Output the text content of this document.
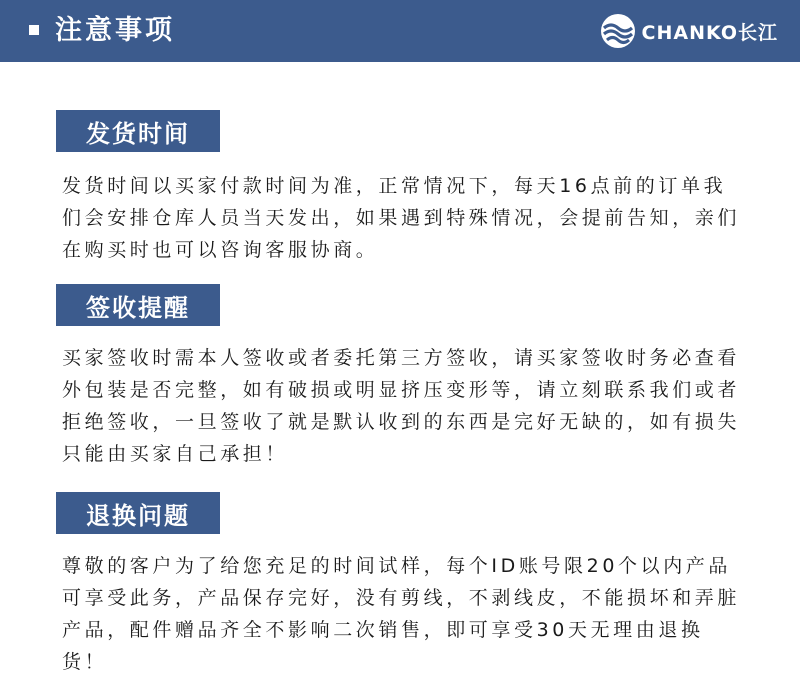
注意事项	CHANKO长江
发货时间

发货时间以买家付款时间为准，正常情况下，每天16点前的订单我们会安排仓库人员当天发出，如果遇到特殊情况，会提前告知，亲们在购买时也可以咨询客服协商。

签收提醒

买家签收时需本人签收或者委托第三方签收，请买家签收时务必查看外包装是否完整，如有破损或明显挤压变形等，请立刻联系我们或者拒绝签收，一旦签收了就是默认收到的东西是完好无缺的，如有损失只能由买家自己承担！

退换问题

尊敬的客户为了给您充足的时间试样，每个ID账号限20个以内产品可享受此务，产品保存完好，没有剪线，不剥线皮，不能损坏和弄脏产品，配件赠品齐全不影响二次销售，即可享受30天无理由退换货！
